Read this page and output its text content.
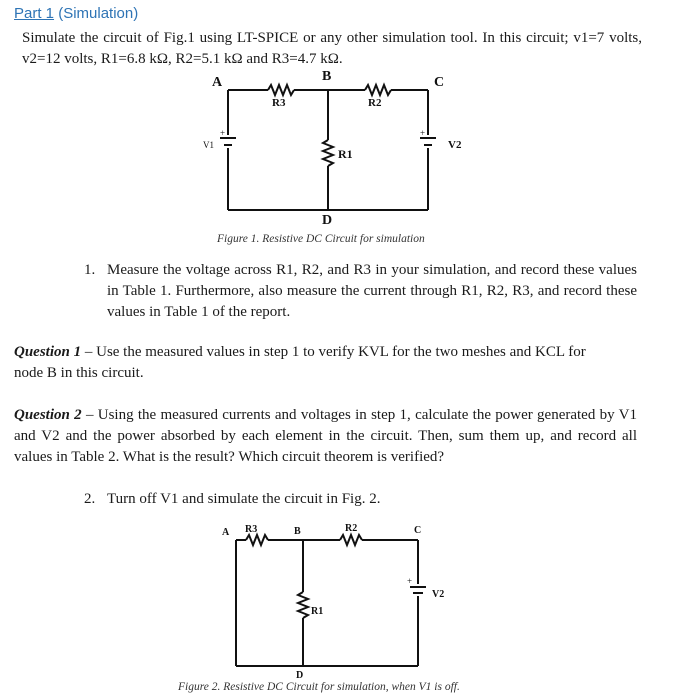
Part 1 (Simulation)
Simulate the circuit of Fig.1 using LT-SPICE or any other simulation tool. In this circuit; v1=7 volts, v2=12 volts, R1=6.8 kΩ, R2=5.1 kΩ and R3=4.7 kΩ.
A	B	C
D
R3	R2
R1
V1	V2
+	+
Figure 1. Resistive DC Circuit for simulation
1. Measure the voltage across R1, R2, and R3 in your simulation, and record these values in Table 1. Furthermore, also measure the current through R1, R2, R3, and record these values in Table 1 of the report.
Question 1 – Use the measured values in step 1 to verify KVL for the two meshes and KCL for node B in this circuit.
Question 2 – Using the measured currents and voltages in step 1, calculate the power generated by V1 and V2 and the power absorbed by each element in the circuit. Then, sum them up, and record all values in Table 2. What is the result? Which circuit theorem is verified?
2. Turn off V1 and simulate the circuit in Fig. 2.
A	B	C
D
R3	R2
R1
V2
+
Figure 2. Resistive DC Circuit for simulation, when V1 is off.
